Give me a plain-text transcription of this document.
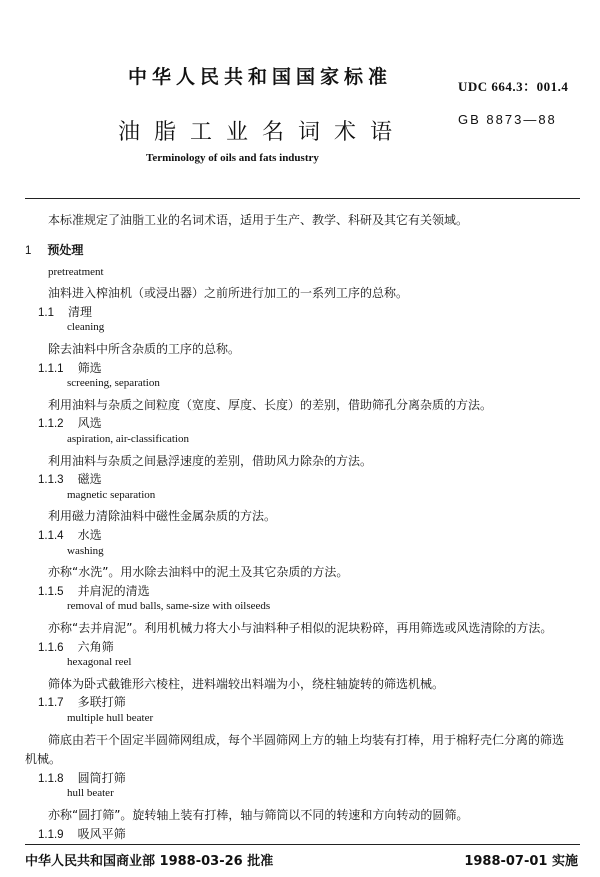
中华人民共和国国家标准	UDC 664.3：001.4
GB 8873—88
油脂工业名词术语
Terminology of oils and fats industry
本标准规定了油脂工业的名词术语，适用于生产、教学、科研及其它有关领域。
1 预处理
pretreatment
油料进入榨油机（或浸出器）之前所进行加工的一系列工序的总称。
1.1 清理
cleaning
除去油料中所含杂质的工序的总称。
1.1.1 筛选
screening, separation
利用油料与杂质之间粒度（宽度、厚度、长度）的差别，借助筛孔分离杂质的方法。
1.1.2 风选
aspiration, air-classification
利用油料与杂质之间悬浮速度的差别，借助风力除杂的方法。
1.1.3 磁选
magnetic separation
利用磁力清除油料中磁性金属杂质的方法。
1.1.4 水选
washing
亦称“水洗”。用水除去油料中的泥土及其它杂质的方法。
1.1.5 并肩泥的清选
removal of mud balls, same-size with oilseeds
亦称“去并肩泥”。利用机械力将大小与油料种子相似的泥块粉碎，再用筛选或风选清除的方法。
1.1.6 六角筛
hexagonal reel
筛体为卧式截锥形六棱柱，进料端较出料端为小，绕柱轴旋转的筛选机械。
1.1.7 多联打筛
multiple hull beater
筛底由若干个固定半圆筛网组成，每个半圆筛网上方的轴上均装有打棒，用于棉籽壳仁分离的筛选
机械。
1.1.8 圆筒打筛
hull beater
亦称“圆打筛”。旋转轴上装有打棒，轴与筛筒以不同的转速和方向转动的圆筛。
1.1.9 吸风平筛
中华人民共和国商业部 1988-03-26 批准	1988-07-01 实施
